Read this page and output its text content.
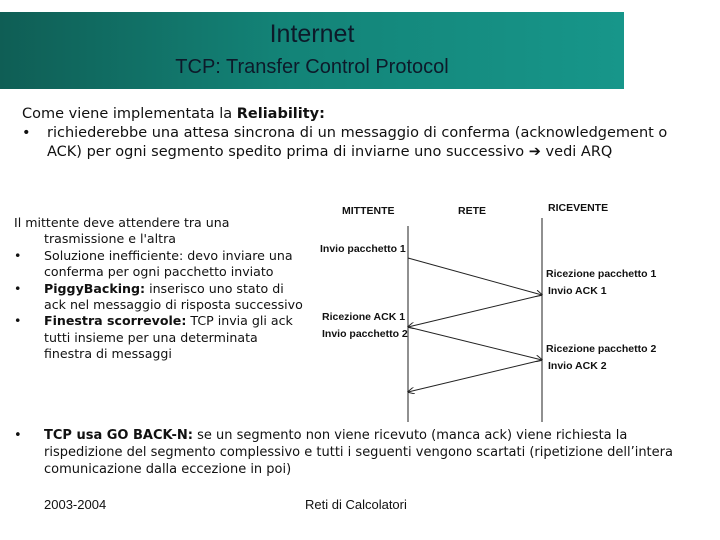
Internet
TCP: Transfer Control Protocol
Come viene implementata la Reliability:
•	richiederebbe una attesa sincrona di un messaggio di conferma (acknowledgement o ACK) per ogni segmento spedito prima di inviarne uno successivo ➔ vedi ARQ
Il mittente deve attendere tra una
trasmissione e l'altra
•	Soluzione inefficiente: devo inviare una conferma per ogni pacchetto inviato
•	PiggyBacking: inserisco uno stato di ack nel messaggio di risposta successivo
•	Finestra scorrevole: TCP invia gli ack tutti insieme per una determinata finestra di messaggi
MITTENTE	RETE	RICEVENTE
Invio pacchetto 1
Ricezione pacchetto 1
Invio ACK 1
Ricezione ACK 1
Invio pacchetto 2
Ricezione pacchetto 2
Invio ACK 2
•	TCP usa GO BACK-N: se un segmento non viene ricevuto (manca ack) viene richiesta la rispedizione del segmento complessivo e tutti i seguenti vengono scartati (ripetizione dell’intera comunicazione dalla eccezione in poi)
2003-2004	Reti di Calcolatori
